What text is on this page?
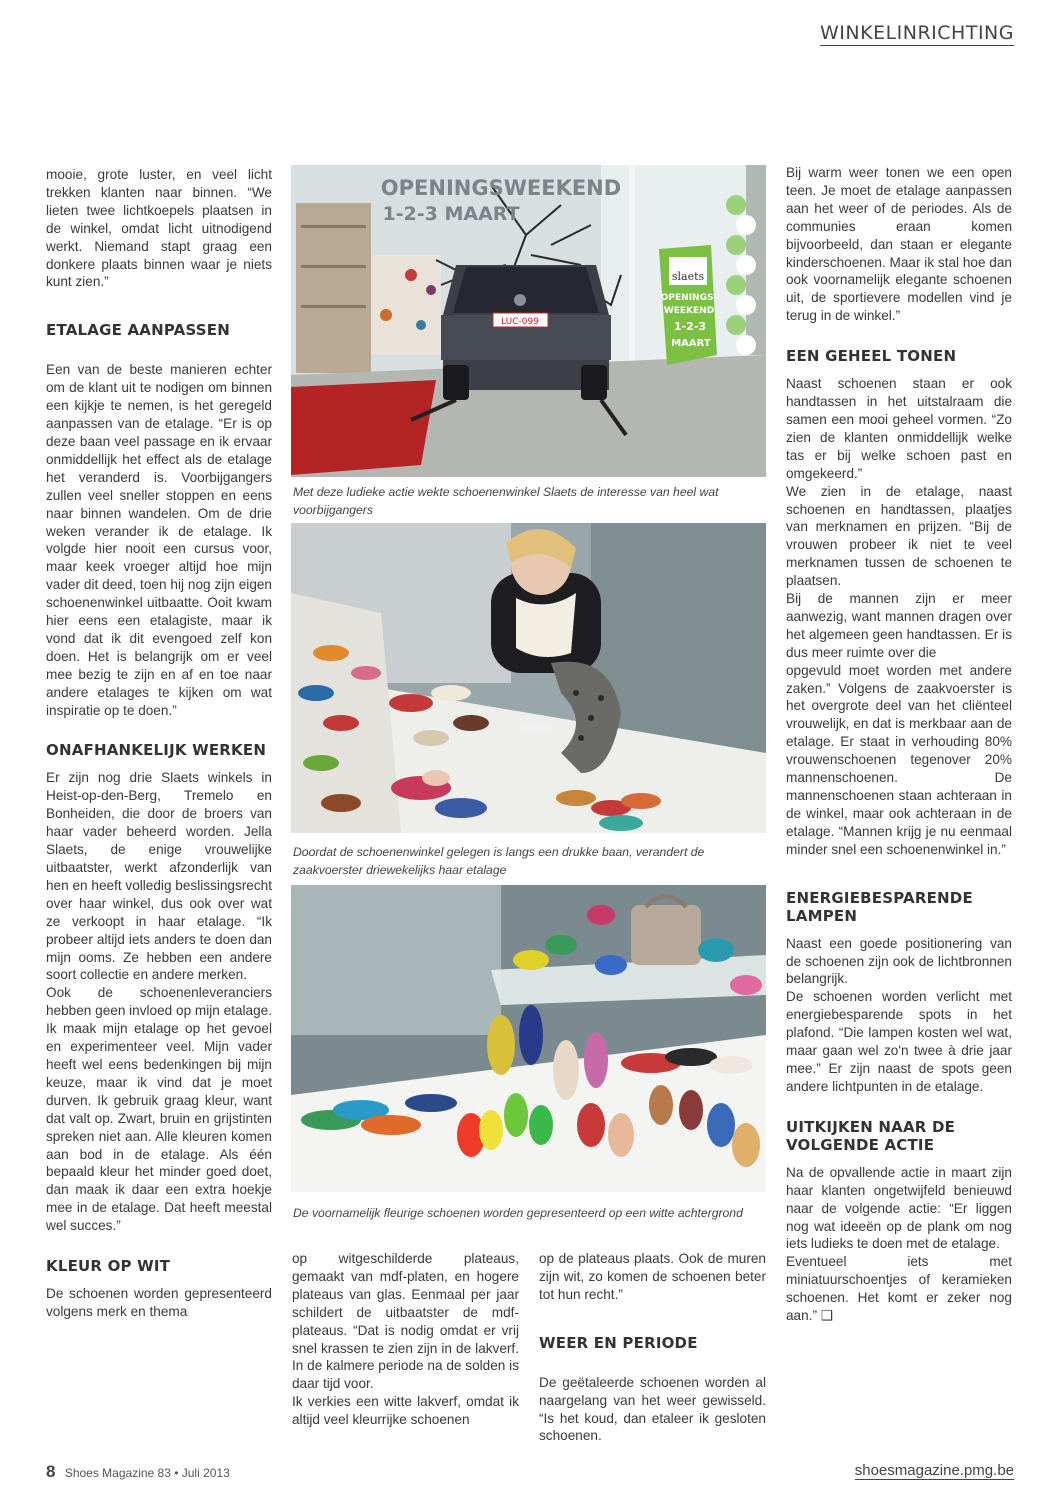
WINKELINRICHTING

mooie, grote luster, en veel licht trekken klanten naar binnen. “We lieten twee lichtkoepels plaatsen in de winkel, omdat licht uitnodigend werkt. Niemand stapt graag een donkere plaats binnen waar je niets kunt zien.”

ETALAGE AANPASSEN

Een van de beste manieren echter om de klant uit te nodigen om binnen een kijkje te nemen, is het geregeld aanpassen van de etalage. “Er is op deze baan veel passage en ik ervaar onmiddellijk het effect als de etalage het veranderd is. Voorbijgangers zullen veel sneller stoppen en eens naar binnen wandelen. Om de drie weken verander ik de etalage. Ik volgde hier nooit een cursus voor, maar keek vroeger altijd hoe mijn vader dit deed, toen hij nog zijn eigen schoenenwinkel uitbaatte. Ooit kwam hier eens een etalagiste, maar ik vond dat ik dit evengoed zelf kon doen. Het is belangrijk om er veel mee bezig te zijn en af en toe naar andere etalages te kijken om wat inspiratie op te doen.”

ONAFHANKELIJK WERKEN

Er zijn nog drie Slaets winkels in Heist-op-den-Berg, Tremelo en Bonheiden, die door de broers van haar vader beheerd worden. Jella Slaets, de enige vrouwelijke uitbaatster, werkt afzonderlijk van hen en heeft volledig beslissingsrecht over haar winkel, dus ook over wat ze verkoopt in haar etalage. “Ik probeer altijd iets anders te doen dan mijn ooms. Ze hebben een andere soort collectie en andere merken.

Ook de schoenenleveranciers hebben geen invloed op mijn etalage.

Ik maak mijn etalage op het gevoel en experimenteer veel. Mijn vader heeft wel eens bedenkingen bij mijn keuze, maar ik vind dat je moet durven. Ik gebruik graag kleur, want dat valt op. Zwart, bruin en grijstinten spreken niet aan. Alle kleuren komen aan bod in de etalage. Als één bepaald kleur het minder goed doet, dan maak ik daar een extra hoekje mee in de etalage. Dat heeft meestal wel succes.”

KLEUR OP WIT

De schoenen worden gepresenteerd volgens merk en thema

LUC-099
OPENINGSWEEKEND
1-2-3 MAART
slaets
OPENINGS-
WEEKEND
1-2-3
MAART
Met deze ludieke actie wekte schoenenwinkel Slaets de interesse van heel wat voorbijgangers
Doordat de schoenenwinkel gelegen is langs een drukke baan, verandert de zaakvoerster driewekelijks haar etalage
De voornamelijk fleurige schoenen worden gepresenteerd op een witte achtergrond

op witgeschilderde plateaus, gemaakt van mdf-platen, en hogere plateaus van glas. Eenmaal per jaar schildert de uitbaatster de mdf-plateaus. “Dat is nodig omdat er vrij snel krassen te zien zijn in de lakverf. In de kalmere periode na de solden is daar tijd voor.

Ik verkies een witte lakverf, omdat ik altijd veel kleurrijke schoenen

op de plateaus plaats. Ook de muren zijn wit, zo komen de schoenen beter tot hun recht.”

WEER EN PERIODE

De geëtaleerde schoenen worden al naargelang van het weer gewisseld. “Is het koud, dan etaleer ik gesloten schoenen.

Bij warm weer tonen we een open teen. Je moet de etalage aanpassen aan het weer of de periodes. Als de communies eraan komen bijvoorbeeld, dan staan er elegante kinderschoenen. Maar ik stal hoe dan ook voornamelijk elegante schoenen uit, de sportievere modellen vind je terug in de winkel.”

EEN GEHEEL TONEN

Naast schoenen staan er ook handtassen in het uitstalraam die samen een mooi geheel vormen. “Zo zien de klanten onmiddellijk welke tas er bij welke schoen past en omgekeerd.”

We zien in de etalage, naast schoenen en handtassen, plaatjes van merknamen en prijzen. “Bij de vrouwen probeer ik niet te veel merknamen tussen de schoenen te plaatsen.

Bij de mannen zijn er meer aanwezig, want mannen dragen over het algemeen geen handtassen. Er is dus meer ruimte over die

opgevuld moet worden met andere zaken.” Volgens de zaakvoerster is het overgrote deel van het cliënteel vrouwelijk, en dat is merkbaar aan de etalage. Er staat in verhouding 80% vrouwenschoenen tegenover 20% mannenschoenen. De mannenschoenen staan achteraan in de winkel, maar ook achteraan in de etalage. “Mannen krijg je nu eenmaal minder snel een schoenenwinkel in.”

ENERGIEBESPARENDE LAMPEN

Naast een goede positionering van de schoenen zijn ook de lichtbronnen belangrijk.

De schoenen worden verlicht met energiebesparende spots in het plafond. “Die lampen kosten wel wat, maar gaan wel zo'n twee à drie jaar mee.” Er zijn naast de spots geen andere lichtpunten in de etalage.

UITKIJKEN NAAR DE VOLGENDE ACTIE

Na de opvallende actie in maart zijn haar klanten ongetwijfeld benieuwd naar de volgende actie: “Er liggen nog wat ideeën op de plank om nog iets ludieks te doen met de etalage.

Eventueel iets met miniatuurschoentjes of keramieken schoenen. Het komt er zeker nog aan.” ❑

8 Shoes Magazine 83 • Juli 2013	shoesmagazine.pmg.be
